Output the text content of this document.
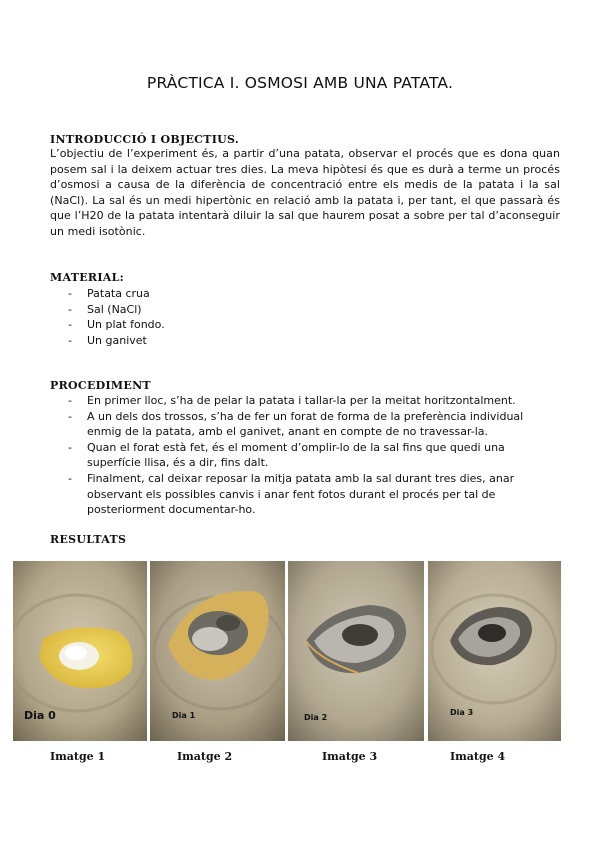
PRÀCTICA I. OSMOSI AMB UNA PATATA.
INTRODUCCIÓ I OBJECTIUS.
L’objectiu de l’experiment és, a partir d’una patata, observar el procés que es dona quan posem sal i la deixem actuar tres dies. La meva hipòtesi és que es durà a terme un procés d’osmosi a causa de la diferència de concentració entre els medis de la patata i la sal (NaCl). La sal és un medi hipertònic en relació amb la patata i, per tant, el que passarà és que l’H20 de la patata intentarà diluir la sal que haurem posat a sobre per tal d’aconseguir un medi isotònic.
MATERIAL:
- Patata crua
- Sal (NaCl)
- Un plat fondo.
- Un ganivet
PROCEDIMENT
- En primer lloc, s’ha de pelar la patata i tallar-la per la meitat horitzontalment.
- A un dels dos trossos, s’ha de fer un forat de forma de la preferència individual enmig de la patata, amb el ganivet, anant en compte de no travessar-la.
- Quan el forat està fet, és el moment d’omplir-lo de la sal fins que quedi una superfície llisa, és a dir, fins dalt.
- Finalment, cal deixar reposar la mitja patata amb la sal durant tres dies, anar observant els possibles canvis i anar fent fotos durant el procés per tal de posteriorment documentar-ho.
RESULTATS
Dia 0	Dia 1	Dia 2
Dia 3
Imatge 1	Imatge 2	Imatge 3	Imatge 4
